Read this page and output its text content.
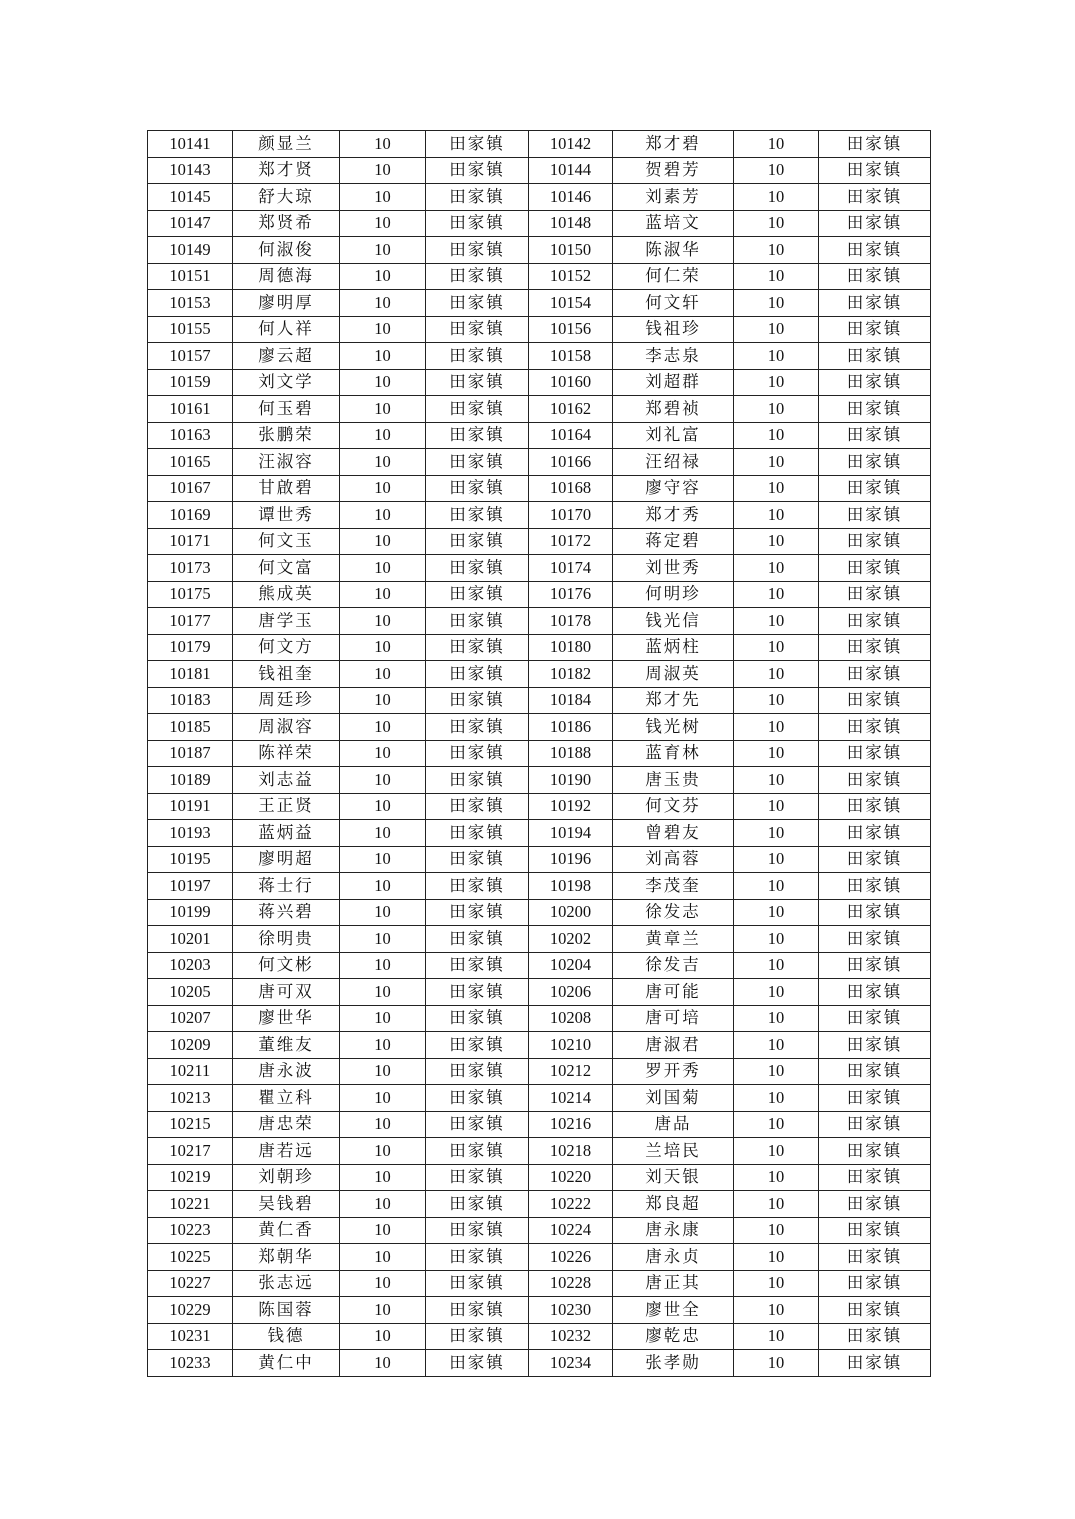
10141	颜显兰	10	田家镇	10142	郑才碧	10	田家镇
10143	郑才贤	10	田家镇	10144	贺碧芳	10	田家镇
10145	舒大琼	10	田家镇	10146	刘素芳	10	田家镇
10147	郑贤希	10	田家镇	10148	蓝培文	10	田家镇
10149	何淑俊	10	田家镇	10150	陈淑华	10	田家镇
10151	周德海	10	田家镇	10152	何仁荣	10	田家镇
10153	廖明厚	10	田家镇	10154	何文轩	10	田家镇
10155	何人祥	10	田家镇	10156	钱祖珍	10	田家镇
10157	廖云超	10	田家镇	10158	李志泉	10	田家镇
10159	刘文学	10	田家镇	10160	刘超群	10	田家镇
10161	何玉碧	10	田家镇	10162	郑碧祯	10	田家镇
10163	张鹏荣	10	田家镇	10164	刘礼富	10	田家镇
10165	汪淑容	10	田家镇	10166	汪绍禄	10	田家镇
10167	甘啟碧	10	田家镇	10168	廖守容	10	田家镇
10169	谭世秀	10	田家镇	10170	郑才秀	10	田家镇
10171	何文玉	10	田家镇	10172	蒋定碧	10	田家镇
10173	何文富	10	田家镇	10174	刘世秀	10	田家镇
10175	熊成英	10	田家镇	10176	何明珍	10	田家镇
10177	唐学玉	10	田家镇	10178	钱光信	10	田家镇
10179	何文方	10	田家镇	10180	蓝炳柱	10	田家镇
10181	钱祖奎	10	田家镇	10182	周淑英	10	田家镇
10183	周廷珍	10	田家镇	10184	郑才先	10	田家镇
10185	周淑容	10	田家镇	10186	钱光树	10	田家镇
10187	陈祥荣	10	田家镇	10188	蓝育林	10	田家镇
10189	刘志益	10	田家镇	10190	唐玉贵	10	田家镇
10191	王正贤	10	田家镇	10192	何文芬	10	田家镇
10193	蓝炳益	10	田家镇	10194	曾碧友	10	田家镇
10195	廖明超	10	田家镇	10196	刘高蓉	10	田家镇
10197	蒋士行	10	田家镇	10198	李茂奎	10	田家镇
10199	蒋兴碧	10	田家镇	10200	徐发志	10	田家镇
10201	徐明贵	10	田家镇	10202	黄章兰	10	田家镇
10203	何文彬	10	田家镇	10204	徐发吉	10	田家镇
10205	唐可双	10	田家镇	10206	唐可能	10	田家镇
10207	廖世华	10	田家镇	10208	唐可培	10	田家镇
10209	董维友	10	田家镇	10210	唐淑君	10	田家镇
10211	唐永波	10	田家镇	10212	罗开秀	10	田家镇
10213	瞿立科	10	田家镇	10214	刘国菊	10	田家镇
10215	唐忠荣	10	田家镇	10216	唐品	10	田家镇
10217	唐若远	10	田家镇	10218	兰培民	10	田家镇
10219	刘朝珍	10	田家镇	10220	刘天银	10	田家镇
10221	吴钱碧	10	田家镇	10222	郑良超	10	田家镇
10223	黄仁香	10	田家镇	10224	唐永康	10	田家镇
10225	郑朝华	10	田家镇	10226	唐永贞	10	田家镇
10227	张志远	10	田家镇	10228	唐正其	10	田家镇
10229	陈国蓉	10	田家镇	10230	廖世全	10	田家镇
10231	钱德	10	田家镇	10232	廖乾忠	10	田家镇
10233	黄仁中	10	田家镇	10234	张孝勋	10	田家镇
